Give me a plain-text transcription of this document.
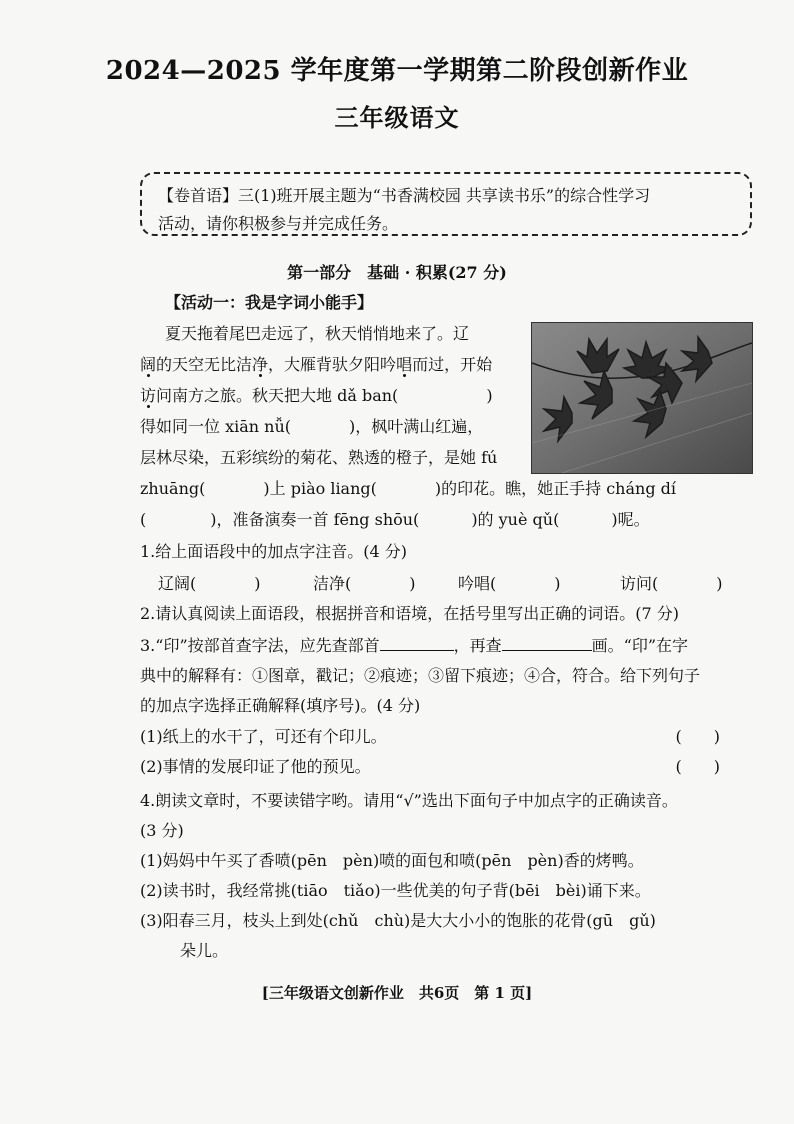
2024—2025 学年度第一学期第二阶段创新作业
三年级语文
【卷首语】三(1)班开展主题为“书香满校园 共享读书乐”的综合性学习
活动，请你积极参与并完成任务。
第一部分　基础 · 积累(27 分)
【活动一：我是字词小能手】
夏天拖着尾巴走远了，秋天悄悄地来了。辽
阔的天空无比洁净，大雁背驮夕阳吟唱而过，开始
访问南方之旅。秋天把大地 dǎ ban(	)
得如同一位 xiān nǚ(	)，枫叶满山红遍，
层林尽染，五彩缤纷的菊花、熟透的橙子，是她 fú
zhuāng(	)上 piào liang(	)的印花。瞧，她正手持 cháng dí
(	)，准备演奏一首 fēng shōu(	)的 yuè qǔ(	)呢。
1.给上面语段中的加点字注音。(4 分)
辽阔(	)	洁净(	)	吟唱(	)	访问(	)
2.请认真阅读上面语段，根据拼音和语境，在括号里写出正确的词语。(7 分)
3.“印”按部首查字法，应先查部首	，再查	画。“印”在字
典中的解释有：①图章，戳记；②痕迹；③留下痕迹；④合，符合。给下列句子
的加点字选择正确解释(填序号)。(4 分)
(1)纸上的水干了，可还有个印儿。	(　　)
(2)事情的发展印证了他的预见。	(　　)
4.朗读文章时，不要读错字哟。请用“√”选出下面句子中加点字的正确读音。
(3 分)
(1)妈妈中午买了香喷(pēn　pèn)喷的面包和喷(pēn　pèn)香的烤鸭。
(2)读书时，我经常挑(tiāo　tiǎo)一些优美的句子背(bēi　bèi)诵下来。
(3)阳春三月，枝头上到处(chǔ　chù)是大大小小的饱胀的花骨(gū　gǔ)
朵儿。
[三年级语文创新作业　共6页　第 1 页]
